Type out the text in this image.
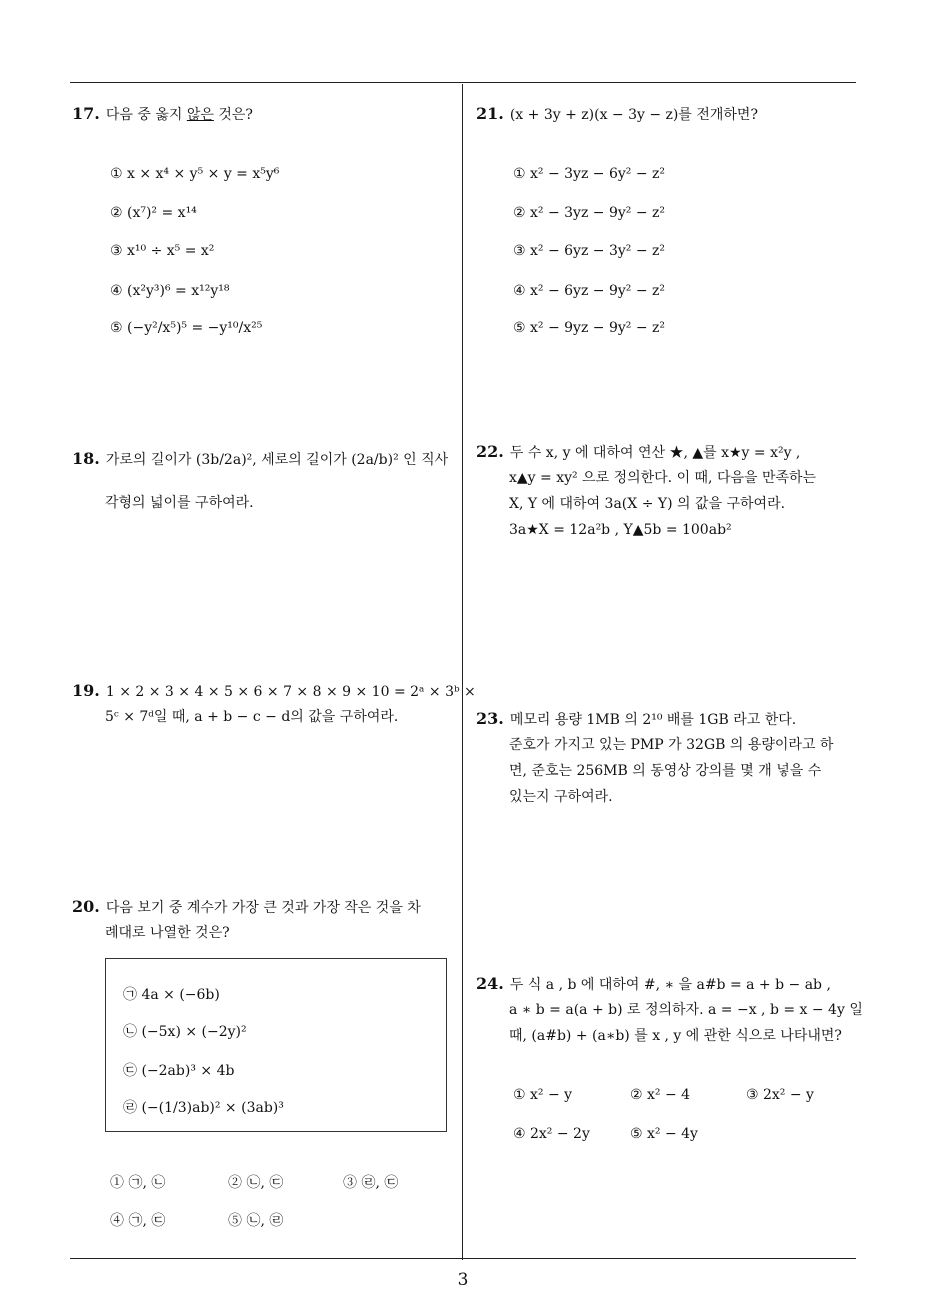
17. 다음 중 옳지 않은 것은?
① x × x⁴ × y⁵ × y = x⁵y⁶
② (x⁷)² = x¹⁴
③ x¹⁰ ÷ x⁵ = x²
④ (x²y³)⁶ = x¹²y¹⁸
⑤ (−y²/x⁵)⁵ = −y¹⁰/x²⁵
18. 가로의 길이가 (3b/2a)², 세로의 길이가 (2a/b)² 인 직사
각형의 넓이를 구하여라.
19. 1 × 2 × 3 × 4 × 5 × 6 × 7 × 8 × 9 × 10 = 2ᵃ × 3ᵇ ×
5ᶜ × 7ᵈ일 때, a + b − c − d의 값을 구하여라.
20. 다음 보기 중 계수가 가장 큰 것과 가장 작은 것을 차
례대로 나열한 것은?
㉠ 4a × (−6b)
㉡ (−5x) × (−2y)²
㉢ (−2ab)³ × 4b
㉣ (−(1/3)ab)² × (3ab)³
① ㉠, ㉡	② ㉡, ㉢	③ ㉣, ㉢
④ ㉠, ㉢	⑤ ㉡, ㉣
21. (x + 3y + z)(x − 3y − z)를 전개하면?
① x² − 3yz − 6y² − z²
② x² − 3yz − 9y² − z²
③ x² − 6yz − 3y² − z²
④ x² − 6yz − 9y² − z²
⑤ x² − 9yz − 9y² − z²
22. 두 수 x, y 에 대하여 연산 ★, ▲를 x★y = x²y ,
x▲y = xy² 으로 정의한다. 이 때, 다음을 만족하는
X, Y 에 대하여 3a(X ÷ Y) 의 값을 구하여라.
3a★X = 12a²b , Y▲5b = 100ab²
23. 메모리 용량 1MB 의 2¹⁰ 배를 1GB 라고 한다.
준호가 가지고 있는 PMP 가 32GB 의 용량이라고 하
면, 준호는 256MB 의 동영상 강의를 몇 개 넣을 수
있는지 구하여라.
24. 두 식 a , b 에 대하여 #, ∗ 을 a#b = a + b − ab ,
a ∗ b = a(a + b) 로 정의하자. a = −x , b = x − 4y 일
때, (a#b) + (a∗b) 를 x , y 에 관한 식으로 나타내면?
① x² − y	② x² − 4	③ 2x² − y
④ 2x² − 2y	⑤ x² − 4y
3
